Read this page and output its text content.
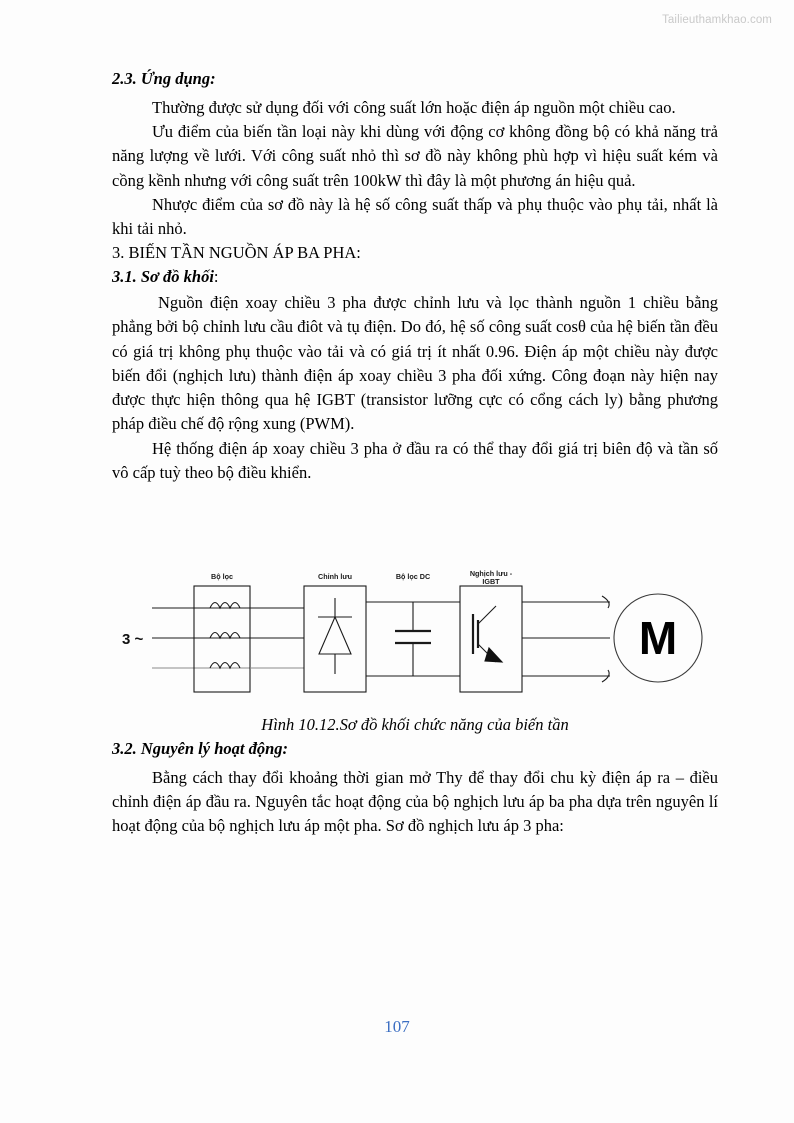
Tailieuthamkhao.com
2.3. Ứng dụng:

Thường được sử dụng đối với công suất lớn hoặc điện áp nguồn một chiều cao.

Ưu điểm của biến tần loại này khi dùng với động cơ không đồng bộ có khả năng trả năng lượng về lưới. Với công suất nhỏ thì sơ đồ này không phù hợp vì hiệu suất kém và cồng kềnh nhưng với công suất trên 100kW thì đây là một phương án hiệu quả.

Nhược điểm của sơ đồ này là hệ số công suất thấp và phụ thuộc vào phụ tải, nhất là khi tải nhỏ.

3. BIẾN TẦN NGUỒN ÁP BA PHA:

3.1. Sơ đồ khối:

Nguồn điện xoay chiều 3 pha được chỉnh lưu và lọc thành nguồn 1 chiều bằng phẳng bởi bộ chỉnh lưu cầu điôt và tụ điện. Do đó, hệ số công suất cosθ của hệ biến tần đều có giá trị không phụ thuộc vào tải và có giá trị ít nhất 0.96. Điện áp một chiều này được biến đổi (nghịch lưu) thành điện áp xoay chiều 3 pha đối xứng. Công đoạn này hiện nay được thực hiện thông qua hệ IGBT (transistor lưỡng cực có cổng cách ly) bằng phương pháp điều chế độ rộng xung (PWM).

Hệ thống điện áp xoay chiều 3 pha ở đầu ra có thể thay đổi giá trị biên độ và tần số vô cấp tuỳ theo bộ điều khiển.

Bộ lọc	Chỉnh lưu	Bộ lọc DC	Nghịch lưu -
IGBT
3 ~	M
Hình 10.12.Sơ đồ khối chức năng của biến tần
3.2. Nguyên lý hoạt động:

Bằng cách thay đổi khoảng thời gian mở Thy để thay đổi chu kỳ điện áp ra – điều chỉnh điện áp đầu ra. Nguyên tắc hoạt động của bộ nghịch lưu áp ba pha dựa trên nguyên lí hoạt động của bộ nghịch lưu áp một pha. Sơ đồ nghịch lưu áp 3 pha:

107
